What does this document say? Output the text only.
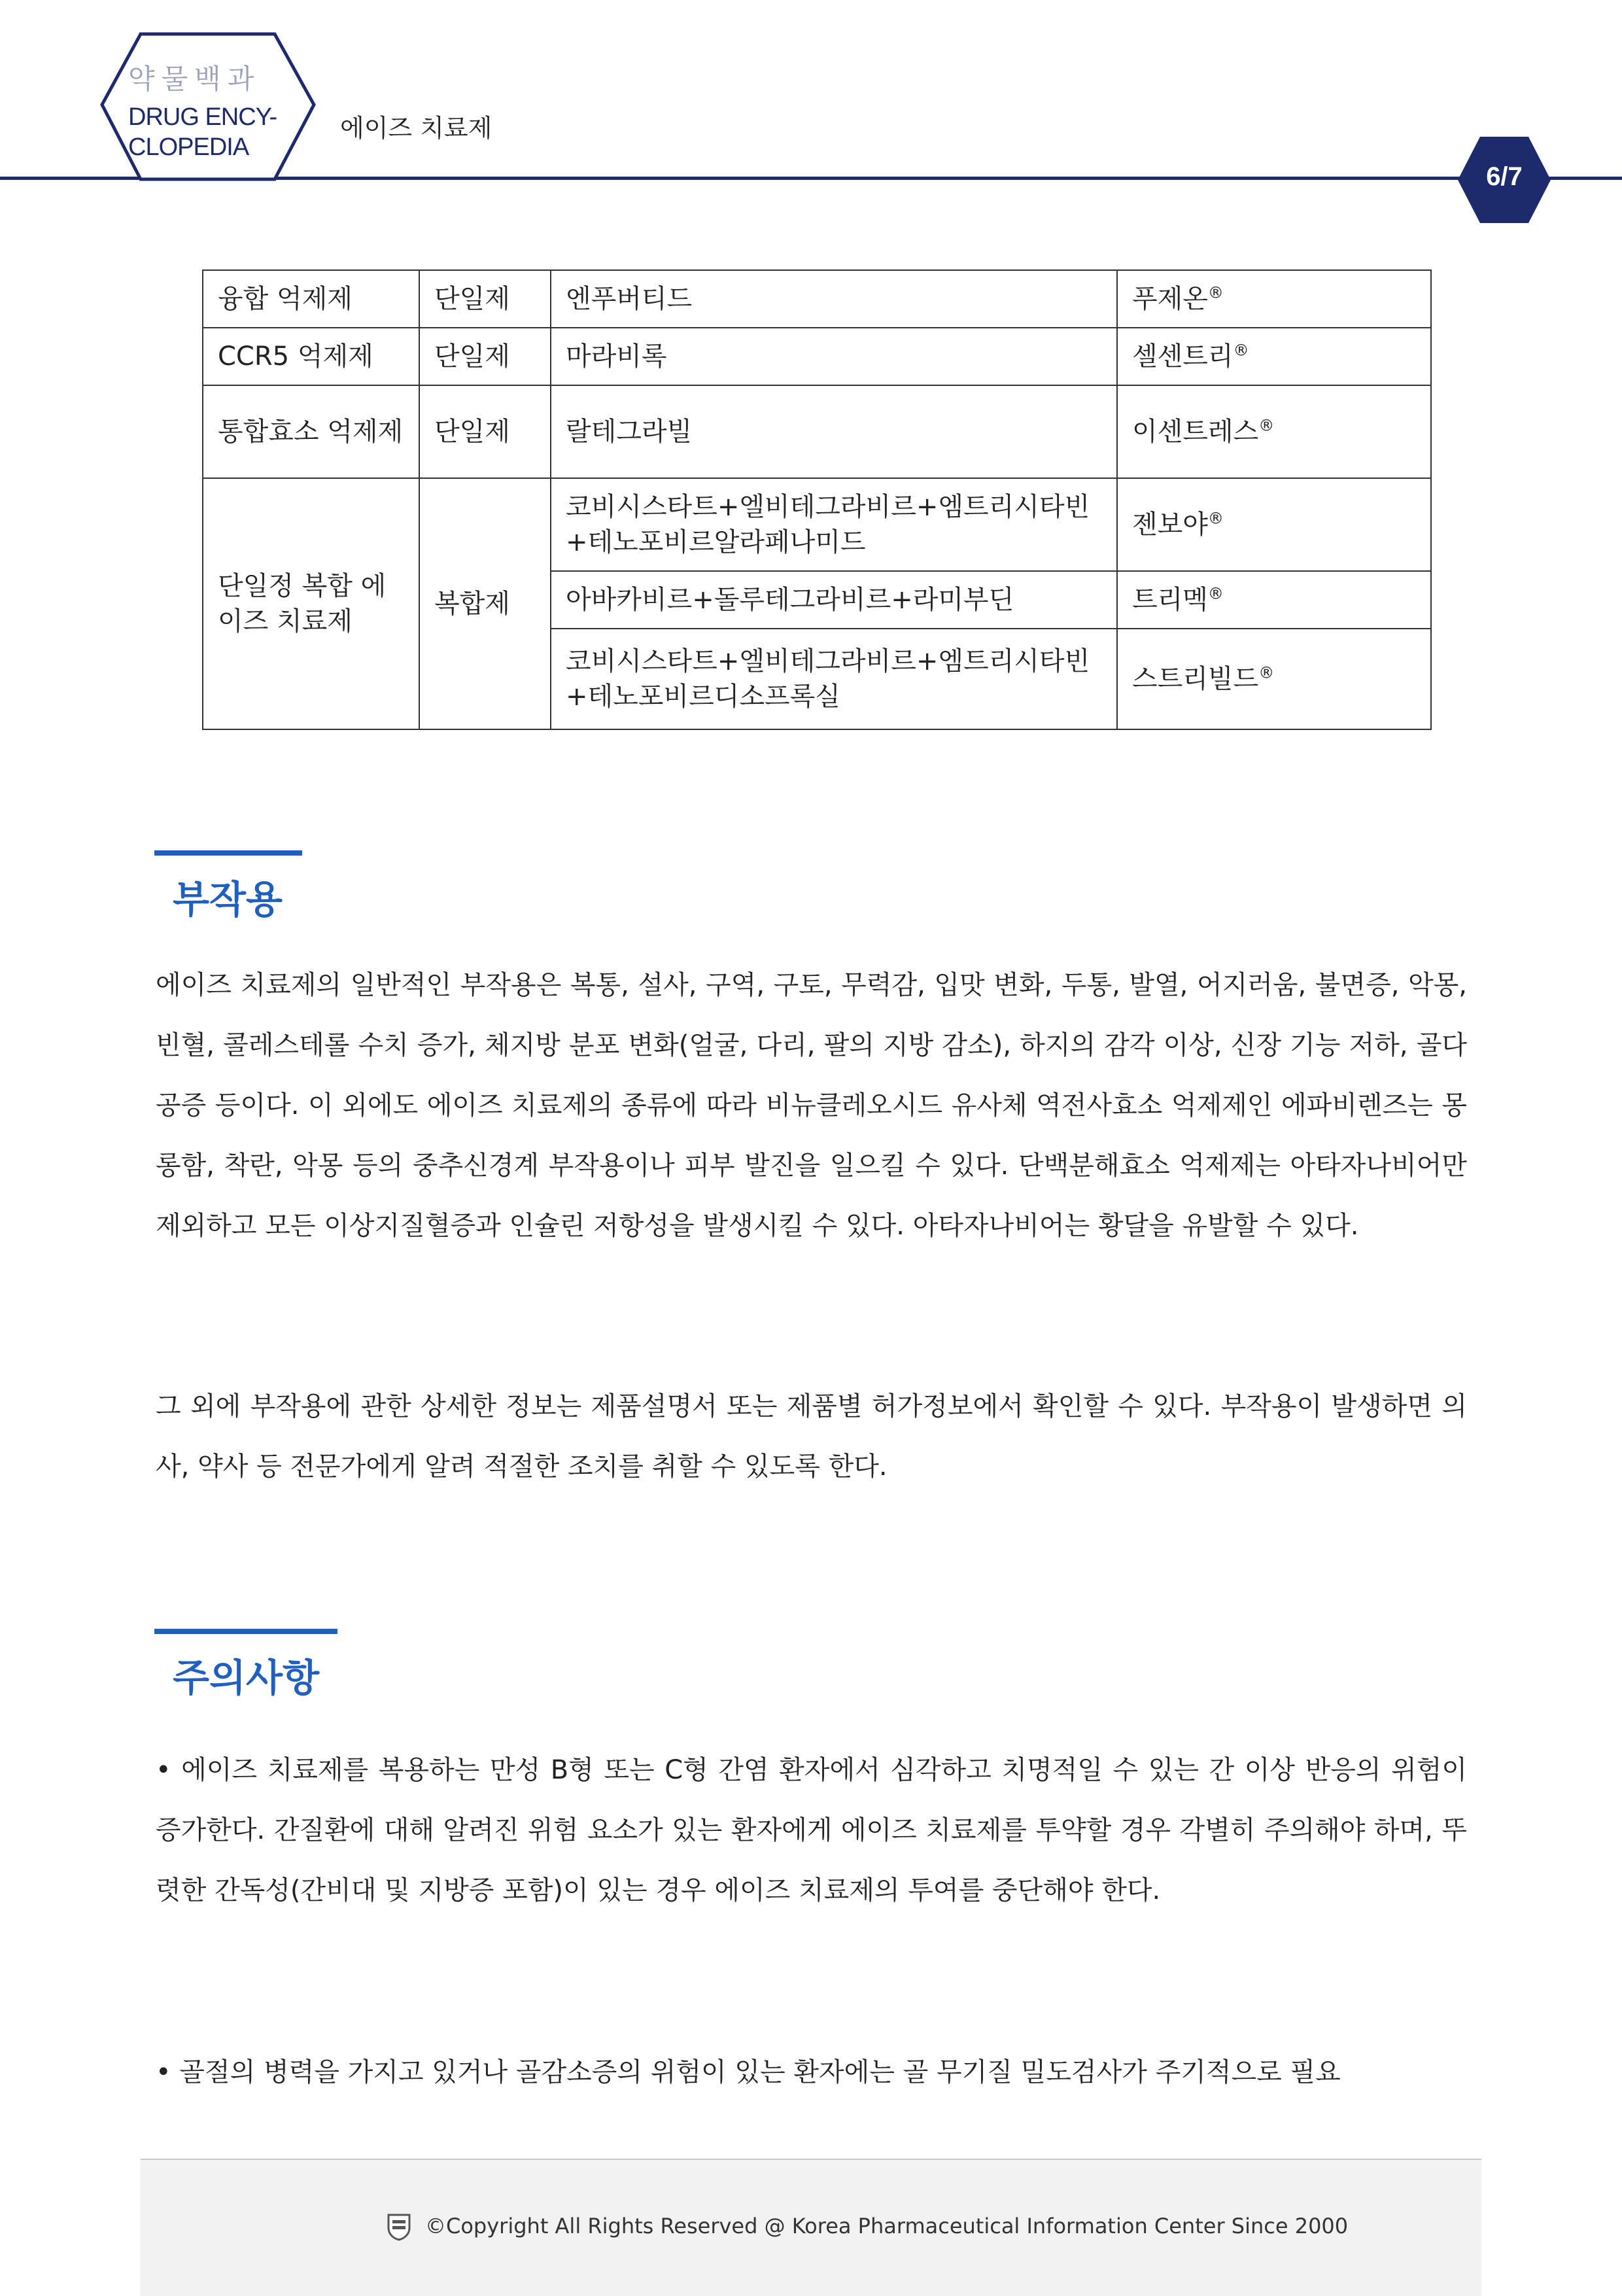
약물백과
DRUG ENCY-
CLOPEDIA
에이즈 치료제
6/7
융합 억제제	단일제	엔푸버티드	푸제온®
CCR5 억제제	단일제	마라비록	셀센트리®
통합효소 억제제	단일제	랄테그라빌	이센트레스®
단일정 복합 에이즈 치료제	복합제	코비시스타트+엘비테그라비르+엠트리시타빈+테노포비르알라페나미드	젠보야®
		아바카비르+돌루테그라비르+라미부딘	트리멕®
		코비시스타트+엘비테그라비르+엠트리시타빈+테노포비르디소프록실	스트리빌드®
부작용

에이즈 치료제의 일반적인 부작용은 복통, 설사, 구역, 구토, 무력감, 입맛 변화, 두통, 발열, 어지러움, 불면증, 악몽, 빈혈, 콜레스테롤 수치 증가, 체지방 분포 변화(얼굴, 다리, 팔의 지방 감소), 하지의 감각 이상, 신장 기능 저하, 골다공증 등이다. 이 외에도 에이즈 치료제의 종류에 따라 비뉴클레오시드 유사체 역전사효소 억제제인 에파비렌즈는 몽롱함, 착란, 악몽 등의 중추신경계 부작용이나 피부 발진을 일으킬 수 있다. 단백분해효소 억제제는 아타자나비어만 제외하고 모든 이상지질혈증과 인슐린 저항성을 발생시킬 수 있다. 아타자나비어는 황달을 유발할 수 있다.

그 외에 부작용에 관한 상세한 정보는 제품설명서 또는 제품별 허가정보에서 확인할 수 있다. 부작용이 발생하면 의사, 약사 등 전문가에게 알려 적절한 조치를 취할 수 있도록 한다.

주의사항

• 에이즈 치료제를 복용하는 만성 B형 또는 C형 간염 환자에서 심각하고 치명적일 수 있는 간 이상 반응의 위험이 증가한다. 간질환에 대해 알려진 위험 요소가 있는 환자에게 에이즈 치료제를 투약할 경우 각별히 주의해야 하며, 뚜렷한 간독성(간비대 및 지방증 포함)이 있는 경우 에이즈 치료제의 투여를 중단해야 한다.

• 골절의 병력을 가지고 있거나 골감소증의 위험이 있는 환자에는 골 무기질 밀도검사가 주기적으로 필요

©Copyright All Rights Reserved @ Korea Pharmaceutical Information Center Since 2000
